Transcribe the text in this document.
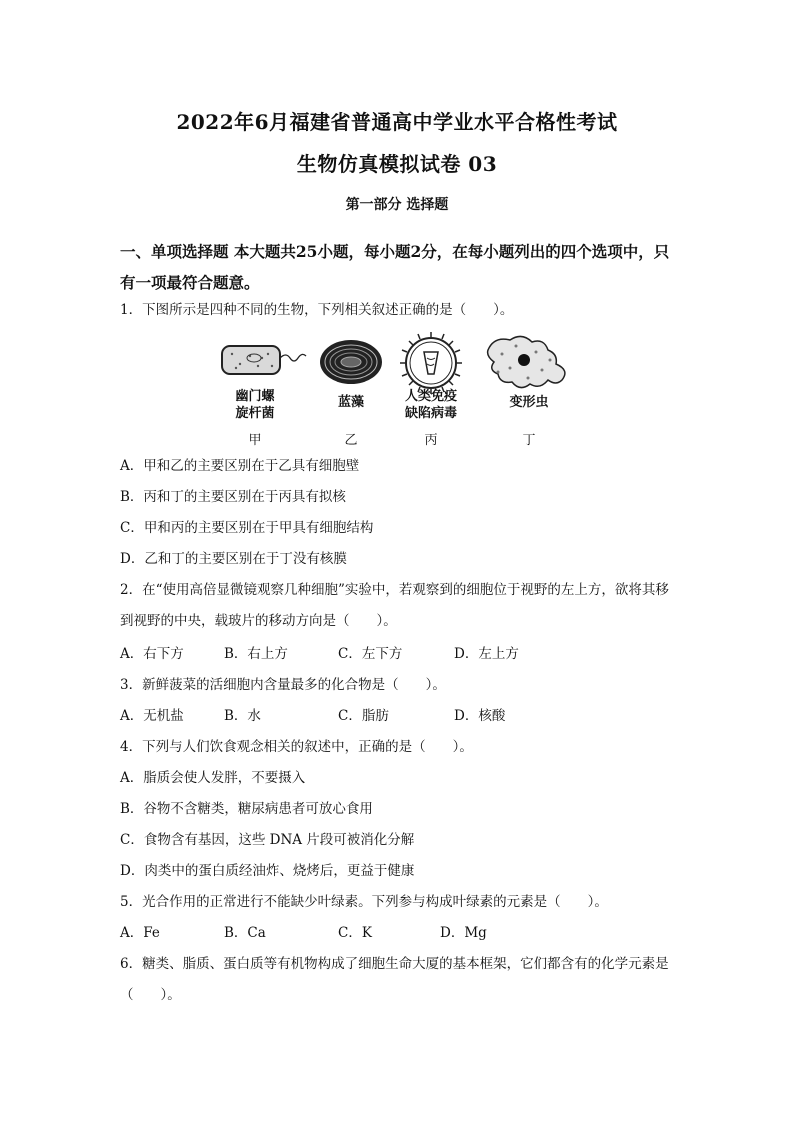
2022年6月福建省普通高中学业水平合格性考试
生物仿真模拟试卷 03
第一部分 选择题
一、单项选择题 本大题共25小题，每小题2分，在每小题列出的四个选项中，只有一项最符合题意。
1．下图所示是四种不同的生物，下列相关叙述正确的是（　　）。
幽门螺
旋杆菌
蓝藻	人类免疫
缺陷病毒
变形虫
甲	乙	丙	丁
A．甲和乙的主要区别在于乙具有细胞壁
B．丙和丁的主要区别在于丙具有拟核
C．甲和丙的主要区别在于甲具有细胞结构
D．乙和丁的主要区别在于丁没有核膜
2．在“使用高倍显微镜观察几种细胞”实验中，若观察到的细胞位于视野的左上方，欲将其移到视野的中央，载玻片的移动方向是（　　）。
A．右下方	B．右上方	C．左下方	D．左上方
3．新鲜菠菜的活细胞内含量最多的化合物是（　　）。
A．无机盐	B．水	C．脂肪	D．核酸
4．下列与人们饮食观念相关的叙述中，正确的是（　　）。
A．脂质会使人发胖，不要摄入
B．谷物不含糖类，糖尿病患者可放心食用
C．食物含有基因，这些 DNA 片段可被消化分解
D．肉类中的蛋白质经油炸、烧烤后，更益于健康
5．光合作用的正常进行不能缺少叶绿素。下列参与构成叶绿素的元素是（　　）。
A．Fe	B．Ca	C．K	D．Mg
6．糖类、脂质、蛋白质等有机物构成了细胞生命大厦的基本框架，它们都含有的化学元素是（　　）。
